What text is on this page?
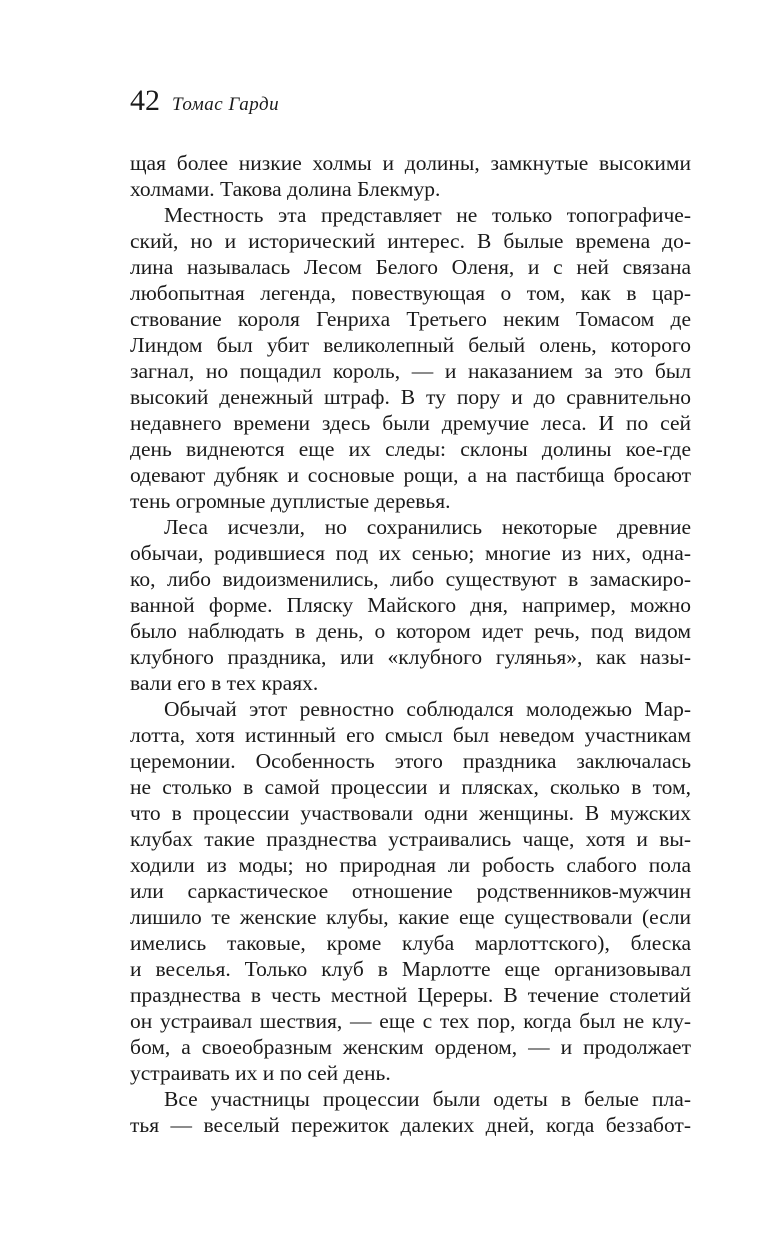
42 Томас Гарди
щая более низкие холмы и долины, замкнутые высокими
холмами. Такова долина Блекмур.
Местность эта представляет не только топографиче-
ский, но и исторический интерес. В былые времена до-
лина называлась Лесом Белого Оленя, и с ней связана
любопытная легенда, повествующая о том, как в цар-
ствование короля Генриха Третьего неким Томасом де
Линдом был убит великолепный белый олень, которого
загнал, но пощадил король, — и наказанием за это был
высокий денежный штраф. В ту пору и до сравнительно
недавнего времени здесь были дремучие леса. И по сей
день виднеются еще их следы: склоны долины кое-где
одевают дубняк и сосновые рощи, а на пастбища бросают
тень огромные дуплистые деревья.
Леса исчезли, но сохранились некоторые древние
обычаи, родившиеся под их сенью; многие из них, одна-
ко, либо видоизменились, либо существуют в замаскиро-
ванной форме. Пляску Майского дня, например, можно
было наблюдать в день, о котором идет речь, под видом
клубного праздника, или «клубного гулянья», как назы-
вали его в тех краях.
Обычай этот ревностно соблюдался молодежью Мар-
лотта, хотя истинный его смысл был неведом участникам
церемонии. Особенность этого праздника заключалась
не столько в самой процессии и плясках, сколько в том,
что в процессии участвовали одни женщины. В мужских
клубах такие празднества устраивались чаще, хотя и вы-
ходили из моды; но природная ли робость слабого пола
или саркастическое отношение родственников-мужчин
лишило те женские клубы, какие еще существовали (если
имелись таковые, кроме клуба марлоттского), блеска
и веселья. Только клуб в Марлотте еще организовывал
празднества в честь местной Цереры. В течение столетий
он устраивал шествия, — еще с тех пор, когда был не клу-
бом, а своеобразным женским орденом, — и продолжает
устраивать их и по сей день.
Все участницы процессии были одеты в белые пла-
тья — веселый пережиток далеких дней, когда беззабот-
